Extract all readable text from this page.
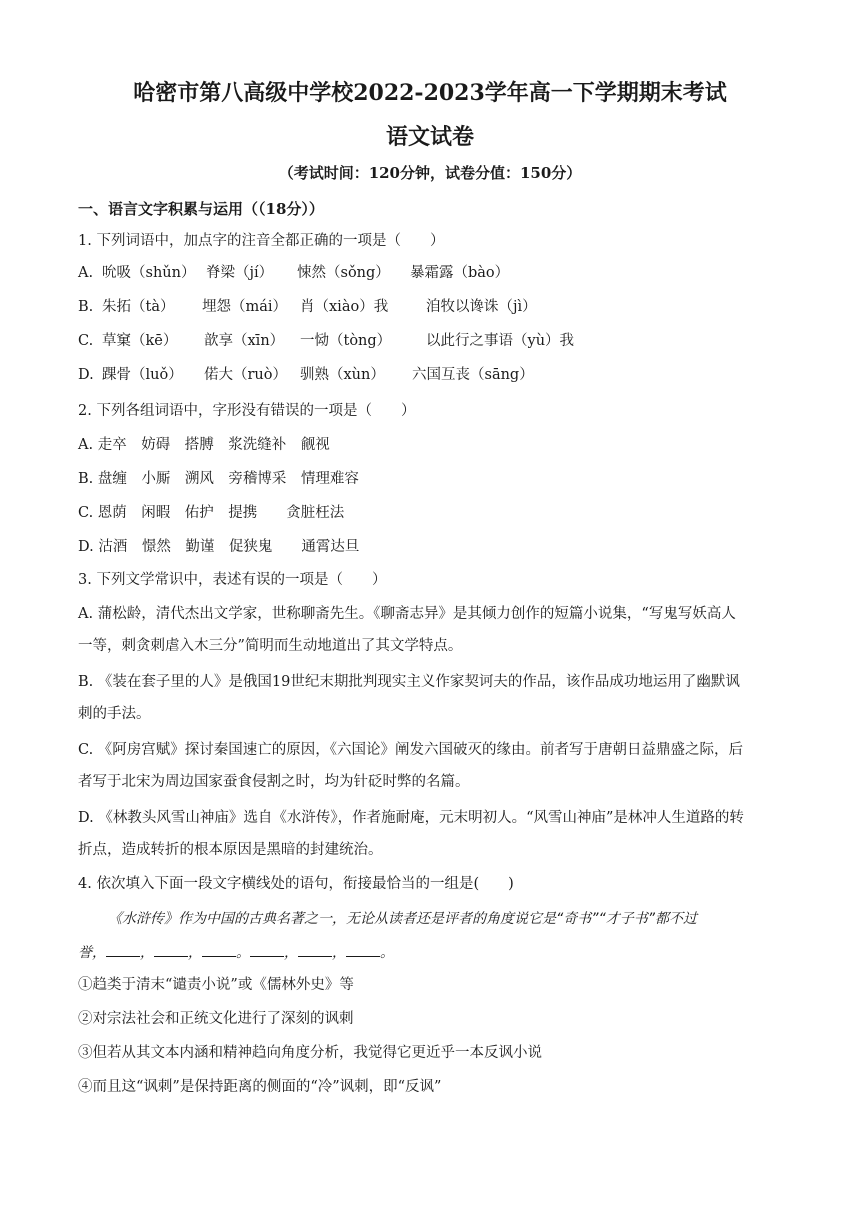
哈密市第八高级中学校2022-2023学年高一下学期期末考试
语文试卷
（考试时间：120分钟，试卷分值：150分）
一、语言文字积累与运用（（18分））
1. 下列词语中，加点字的注音全都正确的一项是（　　）
A. 吮吸（shǔn） 脊梁（jí） 悚然（sǒng） 暴霜露（bào）
B. 朱拓（tà） 埋怨（mái） 肖（xiào）我	洎牧以谗诛（jì）
C. 草窠（kē） 歆享（xīn） 一恸（tòng） 以此行之事语（yù）我
D. 踝骨（luǒ） 偌大（ruò） 驯熟（xùn） 六国互丧（sāng）
2. 下列各组词语中，字形没有错误的一项是（　　）
A. 走卒　妨碍　搭膊　浆洗缝补　觎视
B. 盘缠　小厮　溯风　旁稽博采　情理难容
C. 恩荫　闲暇　佑护　提携　　贪脏枉法
D. 沽酒　憬然　勤谨　促狭鬼　　通霄达旦
3. 下列文学常识中，表述有误的一项是（　　）
A. 蒲松龄，清代杰出文学家，世称聊斋先生。《聊斋志异》是其倾力创作的短篇小说集，“写鬼写妖高人
一等，刺贪刺虐入木三分”简明而生动地道出了其文学特点。
B. 《装在套子里的人》是俄国19世纪末期批判现实主义作家契诃夫的作品，该作品成功地运用了幽默讽
刺的手法。
C. 《阿房宫赋》探讨秦国速亡的原因，《六国论》阐发六国破灭的缘由。前者写于唐朝日益鼎盛之际，后
者写于北宋为周边国家蚕食侵割之时，均为针砭时弊的名篇。
D. 《林教头风雪山神庙》选自《水浒传》，作者施耐庵，元末明初人。“风雪山神庙”是林冲人生道路的转
折点，造成转折的根本原因是黑暗的封建统治。
4. 依次填入下面一段文字横线处的语句，衔接最恰当的一组是(　　)
《水浒传》作为中国的古典名著之一，无论从读者还是评者的角度说它是“奇书”“才子书”都不过
誉， ， ， 。 ， ， 。
①趋类于清末“谴责小说”或《儒林外史》等
②对宗法社会和正统文化进行了深刻的讽刺
③但若从其文本内涵和精神趋向角度分析，我觉得它更近乎一本反讽小说
④而且这“讽刺”是保持距离的侧面的“冷”讽刺，即“反讽”
